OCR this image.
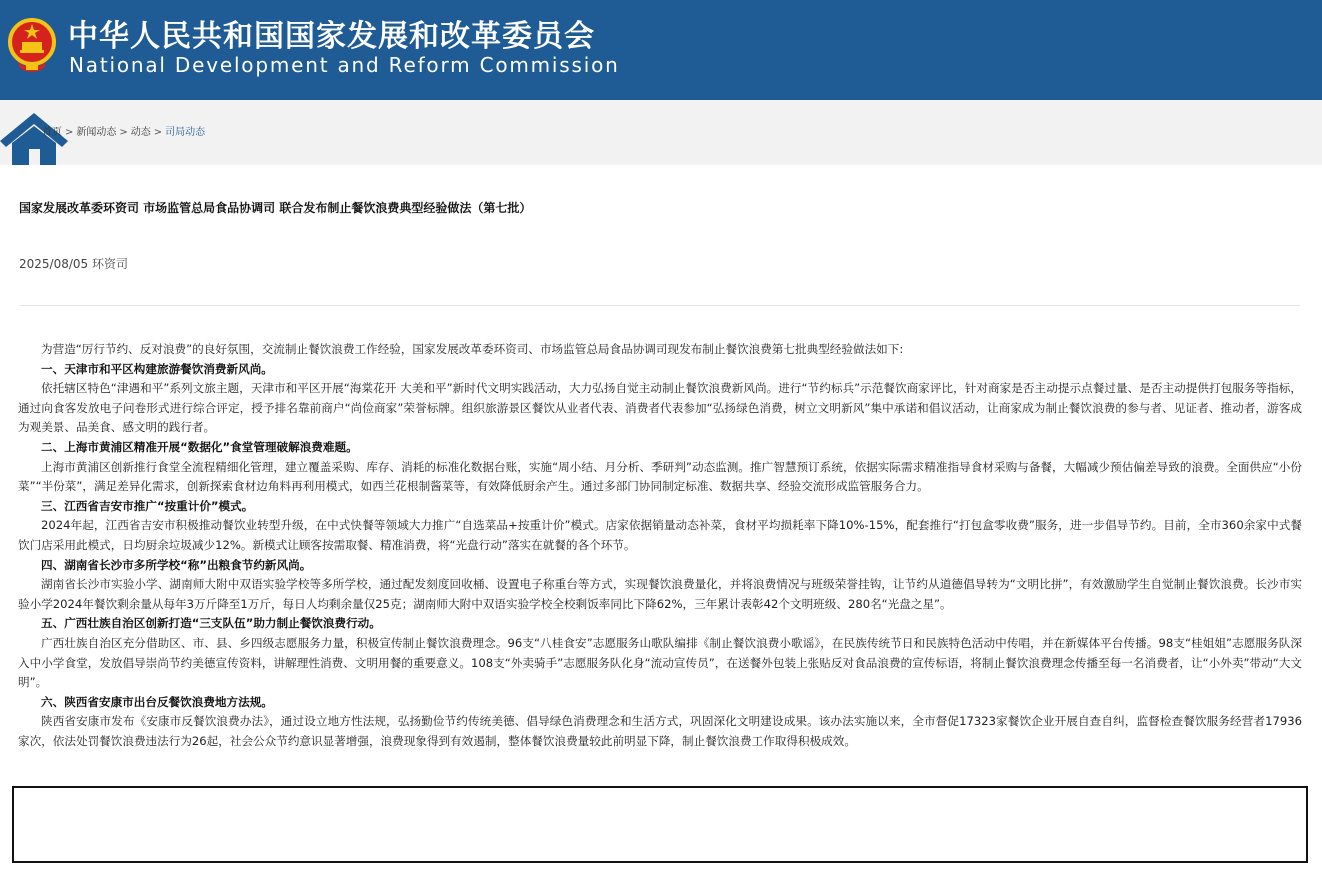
中华人民共和国国家发展和改革委员会
National Development and Reform Commission
首页 > 新闻动态 > 动态 > 司局动态
国家发展改革委环资司 市场监管总局食品协调司 联合发布制止餐饮浪费典型经验做法（第七批）
2025/08/05 环资司

为营造“厉行节约、反对浪费”的良好氛围，交流制止餐饮浪费工作经验，国家发展改革委环资司、市场监管总局食品协调司现发布制止餐饮浪费第七批典型经验做法如下:

一、天津市和平区构建旅游餐饮消费新风尚。

依托辖区特色“津遇和平”系列文旅主题，天津市和平区开展“海棠花开 大美和平”新时代文明实践活动，大力弘扬自觉主动制止餐饮浪费新风尚。进行“节约标兵”示范餐饮商家评比，针对商家是否主动提示点餐过量、是否主动提供打包服务等指标，通过向食客发放电子问卷形式进行综合评定，授予排名靠前商户“尚俭商家”荣誉标牌。组织旅游景区餐饮从业者代表、消费者代表参加“弘扬绿色消费，树立文明新风”集中承诺和倡议活动，让商家成为制止餐饮浪费的参与者、见证者、推动者，游客成为观美景、品美食、感文明的践行者。

二、上海市黄浦区精准开展“数据化”食堂管理破解浪费难题。

上海市黄浦区创新推行食堂全流程精细化管理，建立覆盖采购、库存、消耗的标准化数据台账，实施“周小结、月分析、季研判”动态监测。推广智慧预订系统，依据实际需求精准指导食材采购与备餐，大幅减少预估偏差导致的浪费。全面供应“小份菜”“半份菜”，满足差异化需求，创新探索食材边角料再利用模式，如西兰花根制酱菜等，有效降低厨余产生。通过多部门协同制定标准、数据共享、经验交流形成监管服务合力。

三、江西省吉安市推广“按重计价”模式。

2024年起，江西省吉安市积极推动餐饮业转型升级，在中式快餐等领域大力推广“自选菜品+按重计价”模式。店家依据销量动态补菜，食材平均损耗率下降10%-15%，配套推行“打包盒零收费”服务，进一步倡导节约。目前，全市360余家中式餐饮门店采用此模式，日均厨余垃圾减少12%。新模式让顾客按需取餐、精准消费，将“光盘行动”落实在就餐的各个环节。

四、湖南省长沙市多所学校“称”出粮食节约新风尚。

湖南省长沙市实验小学、湖南师大附中双语实验学校等多所学校，通过配发刻度回收桶、设置电子称重台等方式，实现餐饮浪费量化，并将浪费情况与班级荣誉挂钩，让节约从道德倡导转为“文明比拼”，有效激励学生自觉制止餐饮浪费。长沙市实验小学2024年餐饮剩余量从每年3万斤降至1万斤，每日人均剩余量仅25克；湖南师大附中双语实验学校全校剩饭率同比下降62%，三年累计表彰42个文明班级、280名“光盘之星”。

五、广西壮族自治区创新打造“三支队伍”助力制止餐饮浪费行动。

广西壮族自治区充分借助区、市、县、乡四级志愿服务力量，积极宣传制止餐饮浪费理念。96支“八桂食安”志愿服务山歌队编排《制止餐饮浪费小歌谣》，在民族传统节日和民族特色活动中传唱，并在新媒体平台传播。98支“桂姐姐”志愿服务队深入中小学食堂，发放倡导崇尚节约美德宣传资料，讲解理性消费、文明用餐的重要意义。108支“外卖骑手”志愿服务队化身“流动宣传员”，在送餐外包装上张贴反对食品浪费的宣传标语，将制止餐饮浪费理念传播至每一名消费者，让“小外卖”带动“大文明”。

六、陕西省安康市出台反餐饮浪费地方法规。

陕西省安康市发布《安康市反餐饮浪费办法》，通过设立地方性法规，弘扬勤俭节约传统美德、倡导绿色消费理念和生活方式，巩固深化文明建设成果。该办法实施以来，全市督促17323家餐饮企业开展自查自纠，监督检查餐饮服务经营者17936家次，依法处罚餐饮浪费违法行为26起，社会公众节约意识显著增强，浪费现象得到有效遏制，整体餐饮浪费量较此前明显下降，制止餐饮浪费工作取得积极成效。
